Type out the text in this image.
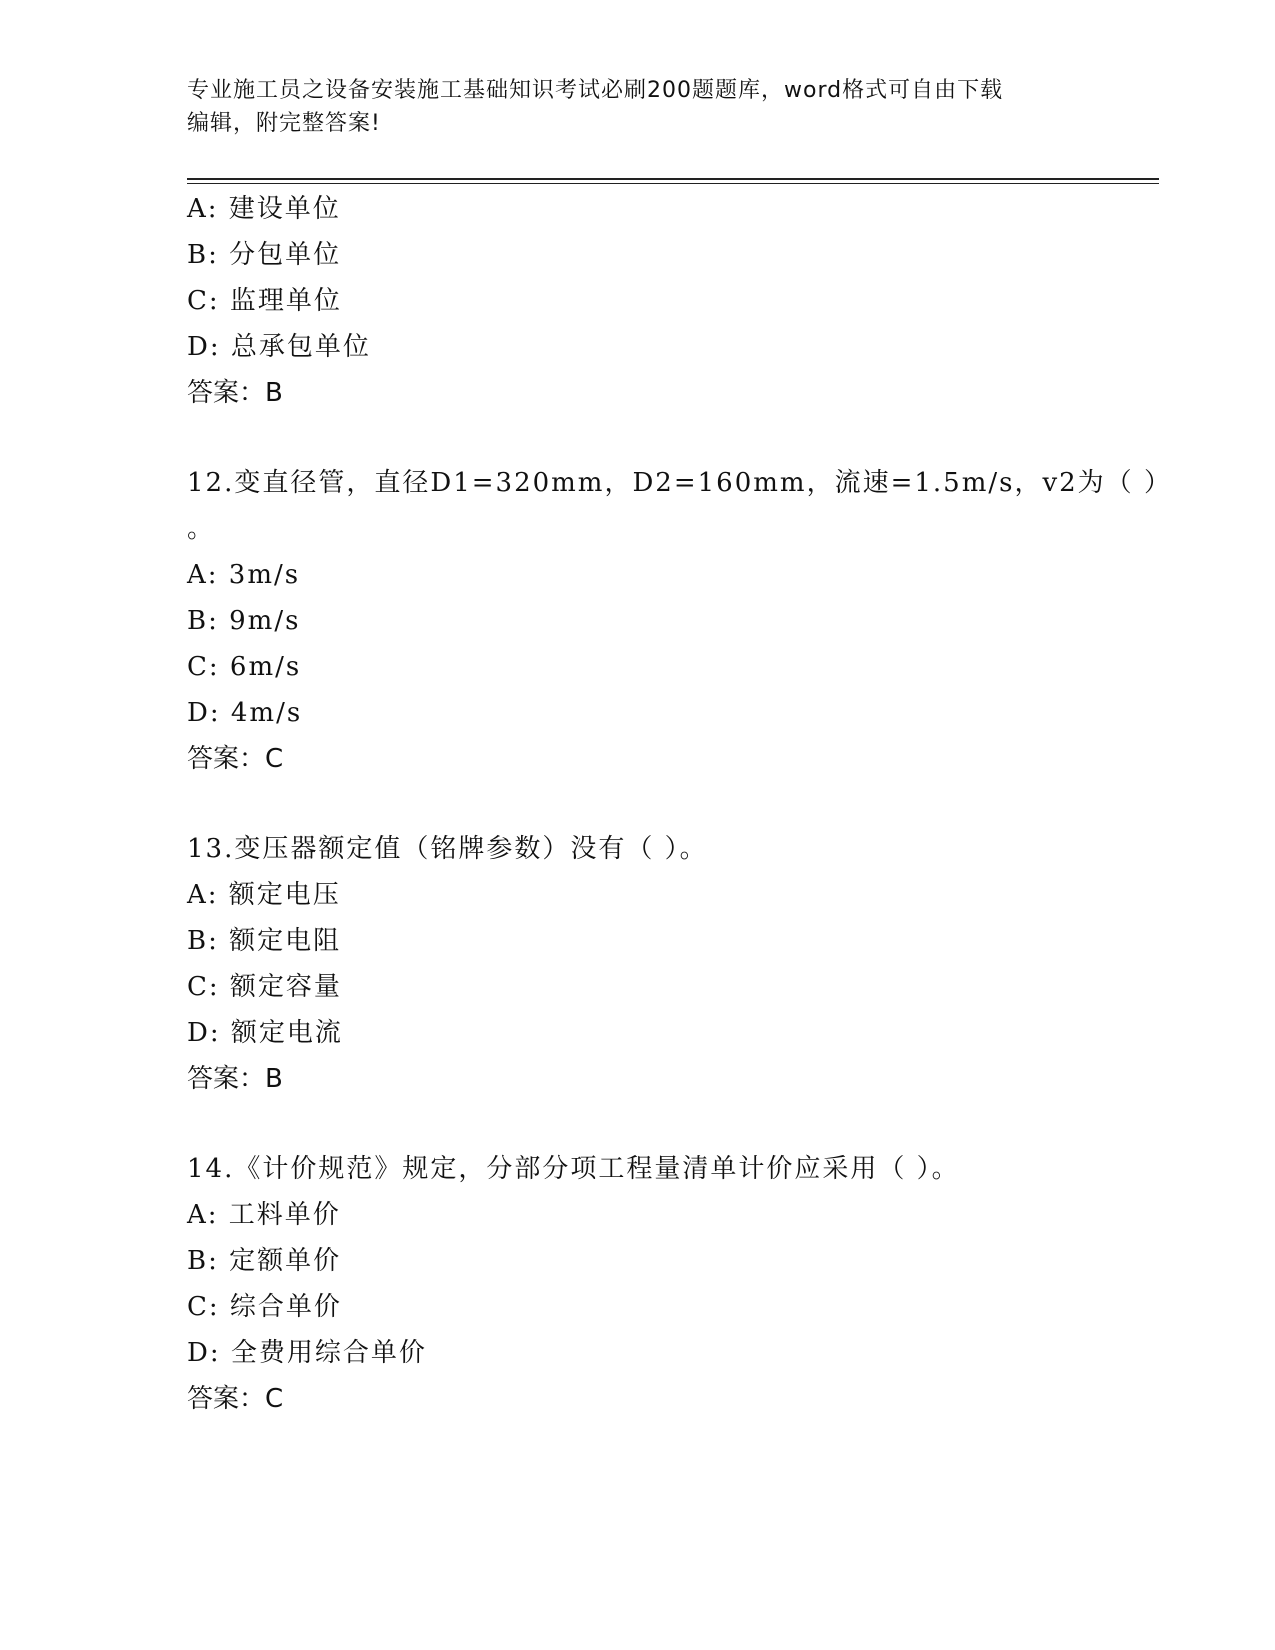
专业施工员之设备安装施工基础知识考试必刷200题题库，word格式可自由下载
编辑，附完整答案!
A: 建设单位
B: 分包单位
C: 监理单位
D: 总承包单位
答案：B
12.变直径管，直径D1=320mm，D2=160mm，流速=1.5m/s，v2为（ ）
。
A: 3m/s
B: 9m/s
C: 6m/s
D: 4m/s
答案：C
13.变压器额定值（铭牌参数）没有（ ）。
A: 额定电压
B: 额定电阻
C: 额定容量
D: 额定电流
答案：B
14.《计价规范》规定，分部分项工程量清单计价应采用（ ）。
A: 工料单价
B: 定额单价
C: 综合单价
D: 全费用综合单价
答案：C
